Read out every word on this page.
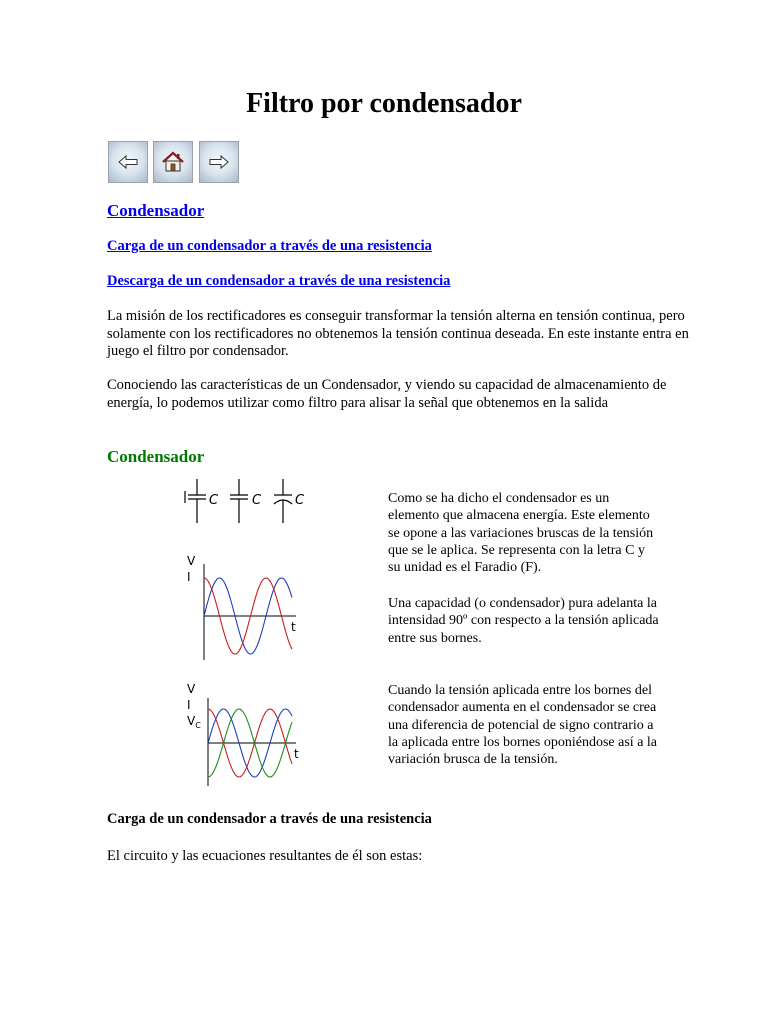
Filtro por condensador
Condensador
Carga de un condensador a través de una resistencia
Descarga de un condensador a través de una resistencia

La misión de los rectificadores es conseguir transformar la tensión alterna en tensión continua, pero solamente con los rectificadores no obtenemos la tensión continua deseada. En este instante entra en juego el filtro por condensador.

Conociendo las características de un Condensador, y viendo su capacidad de almacenamiento de energía, lo podemos utilizar como filtro para alisar la señal que obtenemos en la salida

Condensador
C	C	C
V
I
t
V
I
$V_C$
t

Como se ha dicho el condensador es un elemento que almacena energía. Este elemento se opone a las variaciones bruscas de la tensión que se le aplica. Se representa con la letra C y su unidad es el Faradio (F).

Una capacidad (o condensador) pura adelanta la intensidad 90º con respecto a la tensión aplicada entre sus bornes.

Cuando la tensión aplicada entre los bornes del condensador aumenta en el condensador se crea una diferencia de potencial de signo contrario a la aplicada entre los bornes oponiéndose así a la variación brusca de la tensión.

Carga de un condensador a través de una resistencia

El circuito y las ecuaciones resultantes de él son estas:
